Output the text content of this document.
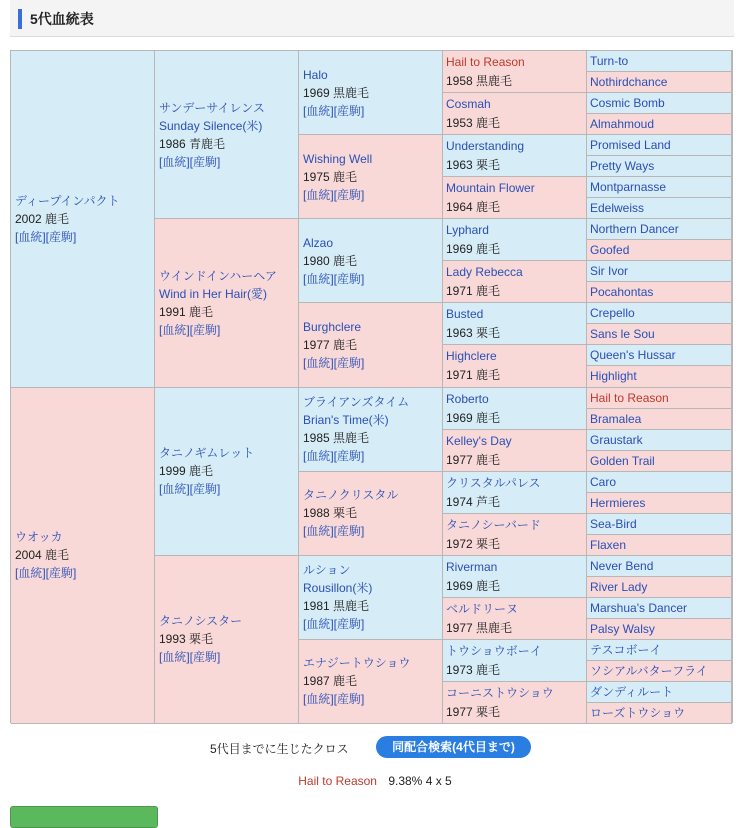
5代血統表
ディープインパクト
2002 鹿毛
[血統][産駒]
ウオッカ
2004 鹿毛
[血統][産駒]
サンデーサイレンス
Sunday Silence(米)
1986 青鹿毛
[血統][産駒]
ウインドインハーヘア
Wind in Her Hair(愛)
1991 鹿毛
[血統][産駒]
タニノギムレット
1999 鹿毛
[血統][産駒]
タニノシスター
1993 栗毛
[血統][産駒]
Halo
1969 黒鹿毛
[血統][産駒]
Wishing Well
1975 鹿毛
[血統][産駒]
Alzao
1980 鹿毛
[血統][産駒]
Burghclere
1977 鹿毛
[血統][産駒]
ブライアンズタイム
Brian's Time(米)
1985 黒鹿毛
[血統][産駒]
タニノクリスタル
1988 栗毛
[血統][産駒]
ルション
Rousillon(米)
1981 黒鹿毛
[血統][産駒]
エナジートウショウ
1987 鹿毛
[血統][産駒]
Hail to Reason
1958 黒鹿毛
Cosmah
1953 鹿毛
Understanding
1963 栗毛
Mountain Flower
1964 鹿毛
Lyphard
1969 鹿毛
Lady Rebecca
1971 鹿毛
Busted
1963 栗毛
Highclere
1971 鹿毛
Roberto
1969 鹿毛
Kelley's Day
1977 鹿毛
クリスタルパレス
1974 芦毛
タニノシーバード
1972 栗毛
Riverman
1969 鹿毛
ベルドリーヌ
1977 黒鹿毛
トウショウボーイ
1973 鹿毛
コーニストウショウ
1977 栗毛
Turn-to
Nothirdchance
Cosmic Bomb
Almahmoud
Promised Land
Pretty Ways
Montparnasse
Edelweiss
Northern Dancer
Goofed
Sir Ivor
Pocahontas
Crepello
Sans le Sou
Queen's Hussar
Highlight
Hail to Reason
Bramalea
Graustark
Golden Trail
Caro
Hermieres
Sea-Bird
Flaxen
Never Bend
River Lady
Marshua's Dancer
Palsy Walsy
テスコボーイ
ソシアルバターフライ
ダンディルート
ローズトウショウ
5代目までに生じたクロス	同配合検索(4代目まで)
Hail to Reason 9.38% 4 x 5
